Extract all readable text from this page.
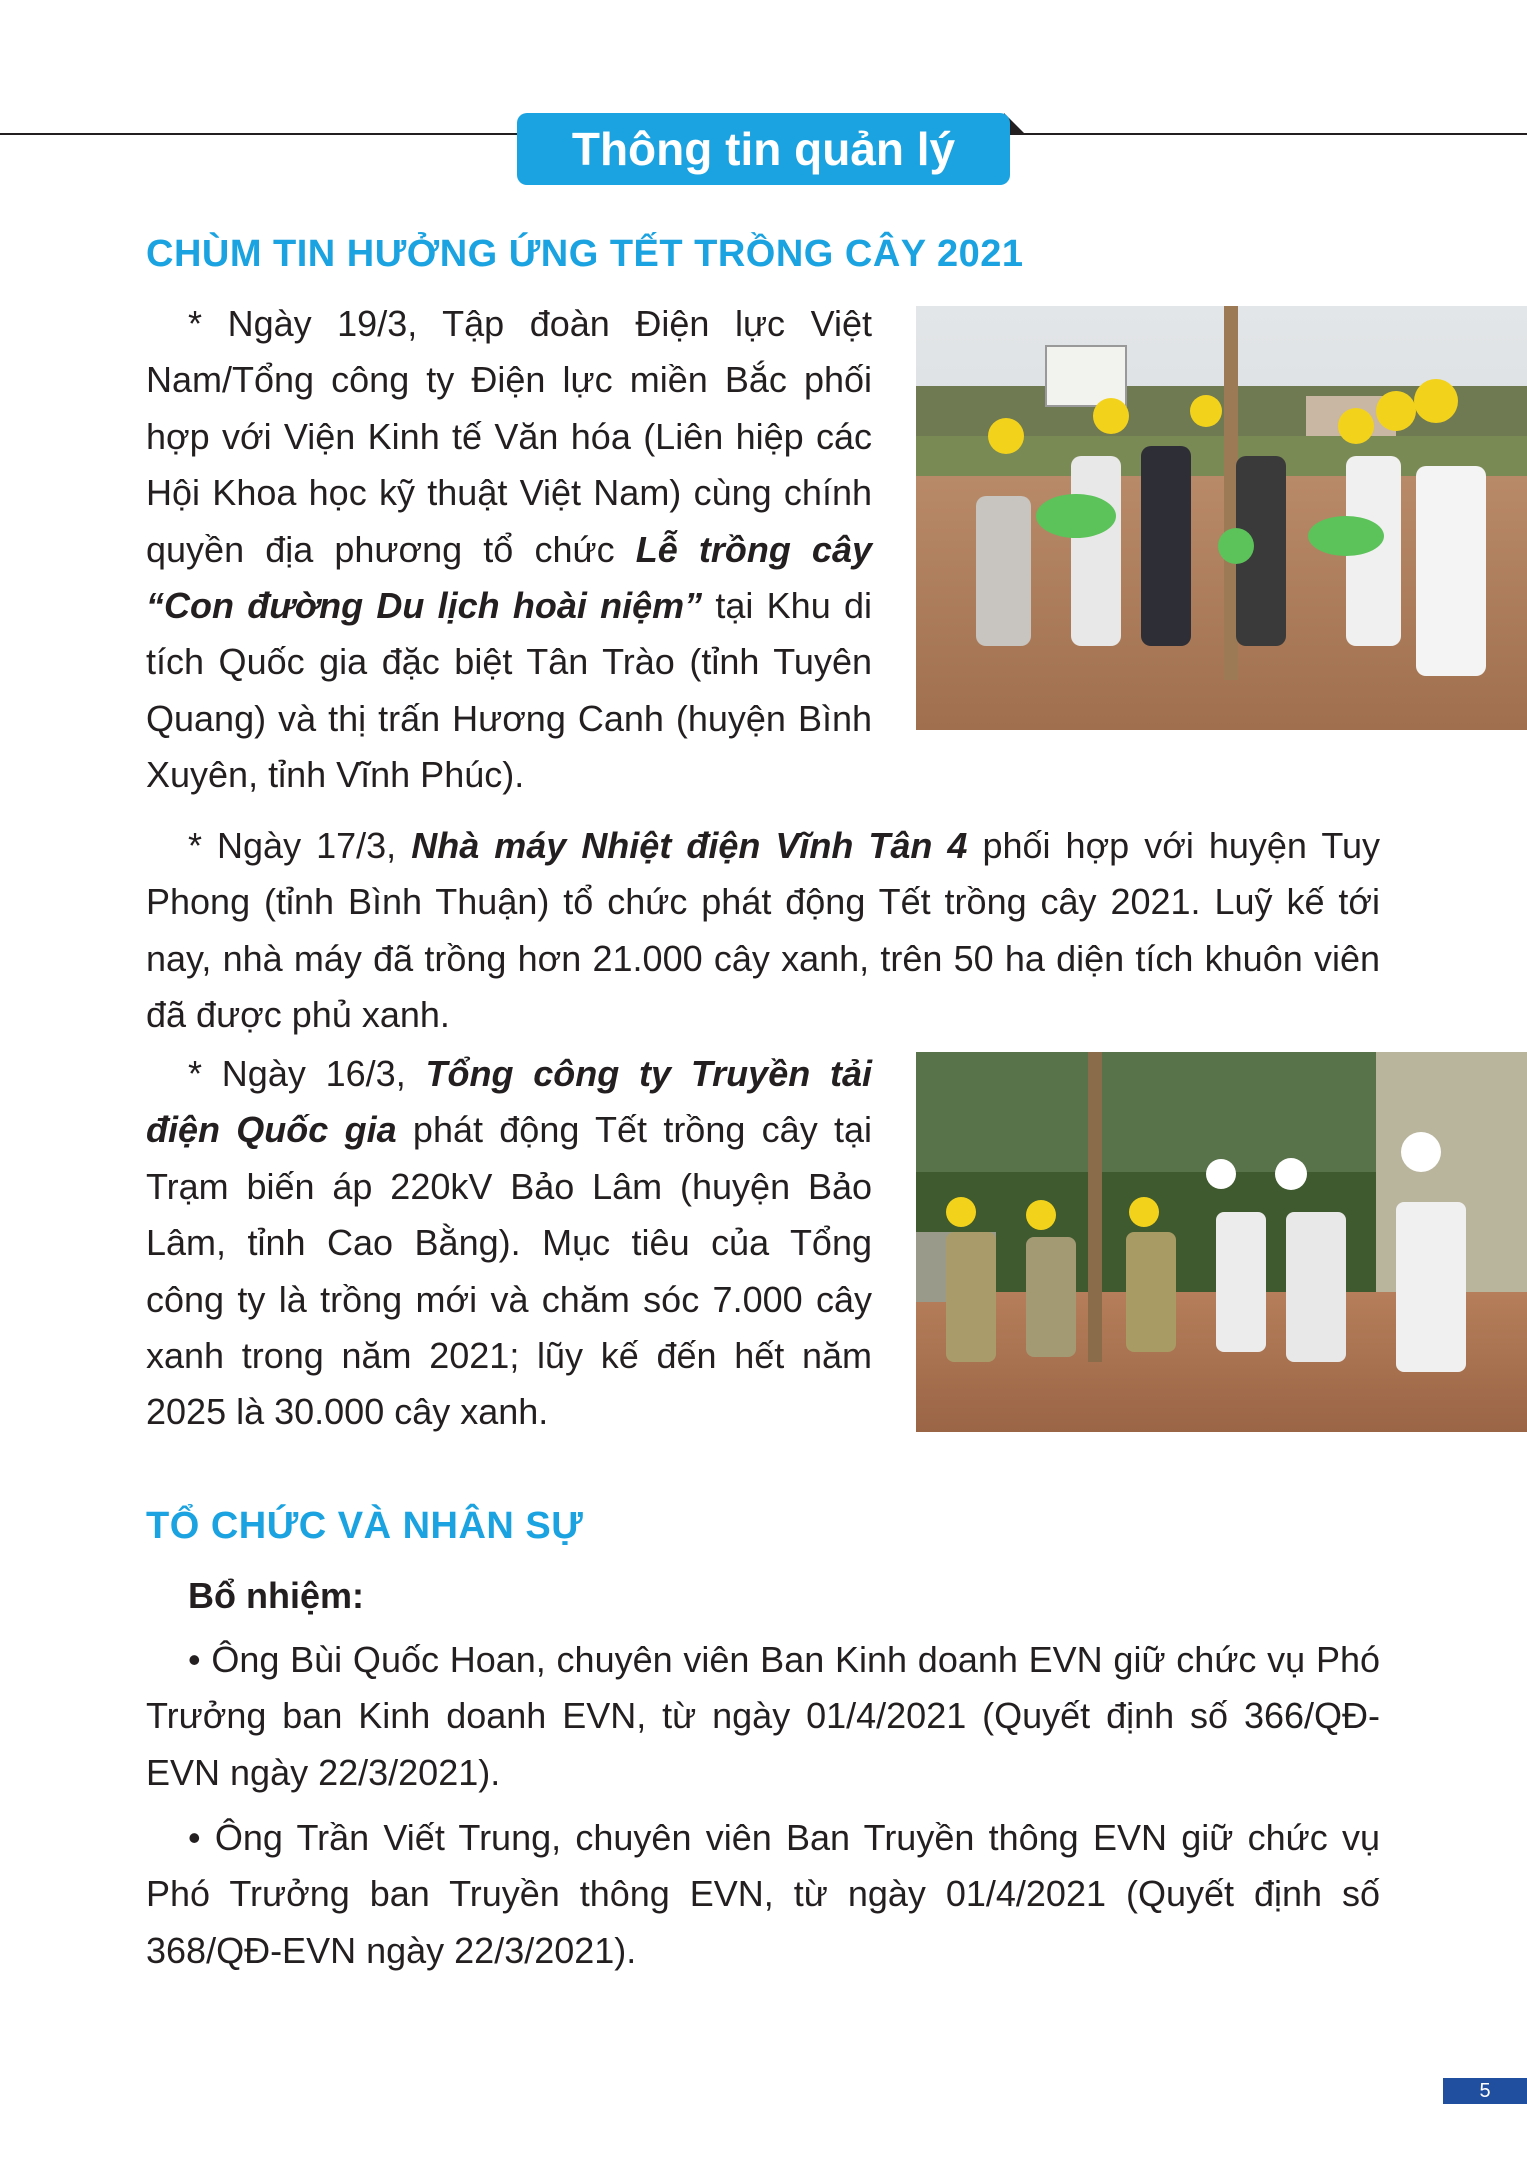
Thông tin quản lý
CHÙM TIN HƯỞNG ỨNG TẾT TRỒNG CÂY 2021

* Ngày 19/3, Tập đoàn Điện lực Việt Nam/Tổng công ty Điện lực miền Bắc phối hợp với Viện Kinh tế Văn hóa (Liên hiệp các Hội Khoa học kỹ thuật Việt Nam) cùng chính quyền địa phương tổ chức Lễ trồng cây “Con đường Du lịch hoài niệm” tại Khu di tích Quốc gia đặc biệt Tân Trào (tỉnh Tuyên Quang) và thị trấn Hương Canh (huyện Bình Xuyên, tỉnh Vĩnh Phúc).

* Ngày 17/3, Nhà máy Nhiệt điện Vĩnh Tân 4 phối hợp với huyện Tuy Phong (tỉnh Bình Thuận) tổ chức phát động Tết trồng cây 2021. Luỹ kế tới nay, nhà máy đã trồng hơn 21.000 cây xanh, trên 50 ha diện tích khuôn viên đã được phủ xanh.

* Ngày 16/3, Tổng công ty Truyền tải điện Quốc gia phát động Tết trồng cây tại Trạm biến áp 220kV Bảo Lâm (huyện Bảo Lâm, tỉnh Cao Bằng). Mục tiêu của Tổng công ty là trồng mới và chăm sóc 7.000 cây xanh trong năm 2021; lũy kế đến hết năm 2025 là 30.000 cây xanh.

TỔ CHỨC VÀ NHÂN SỰ
Bổ nhiệm:

• Ông Bùi Quốc Hoan, chuyên viên Ban Kinh doanh EVN giữ chức vụ Phó Trưởng ban Kinh doanh EVN, từ ngày 01/4/2021 (Quyết định số 366/QĐ-EVN ngày 22/3/2021).

• Ông Trần Viết Trung, chuyên viên Ban Truyền thông EVN giữ chức vụ Phó Trưởng ban Truyền thông EVN, từ ngày 01/4/2021 (Quyết định số 368/QĐ-EVN ngày 22/3/2021).

5
